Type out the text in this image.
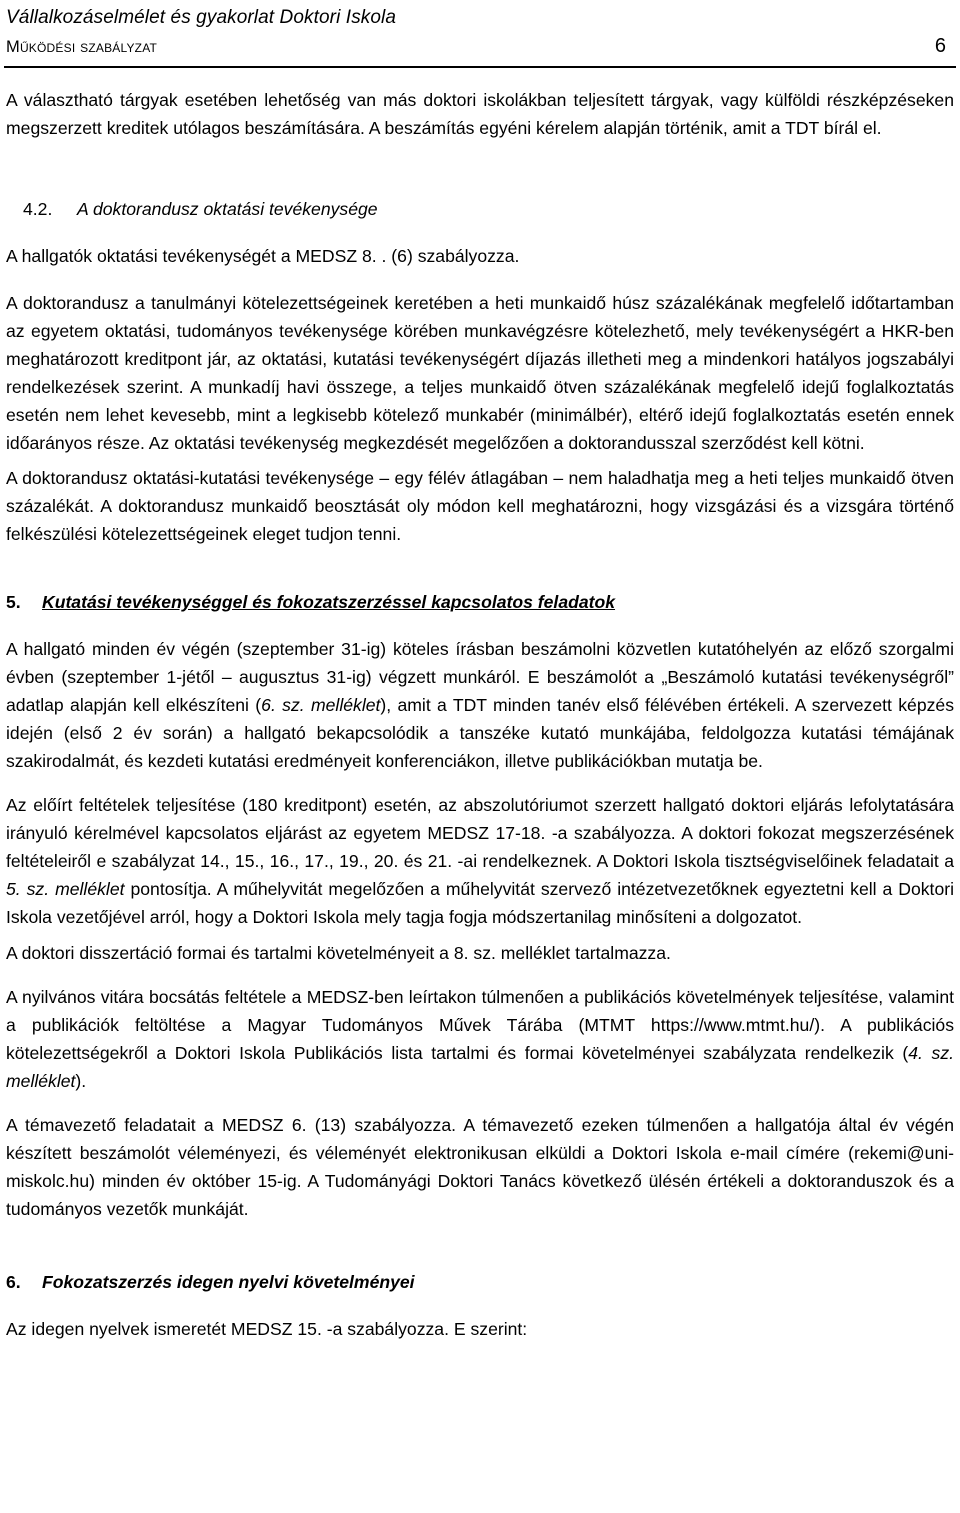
Vállalkozáselmélet és gyakorlat Doktori Iskola
Működési szabályzat	6

A választható tárgyak esetében lehetőség van más doktori iskolákban teljesített tárgyak, vagy külföldi részképzéseken megszerzett kreditek utólagos beszámítására. A beszámítás egyéni kérelem alapján történik, amit a TDT bírál el.

4.2. A doktorandusz oktatási tevékenysége

A hallgatók oktatási tevékenységét a MEDSZ 8. . (6) szabályozza.

A doktorandusz a tanulmányi kötelezettségeinek keretében a heti munkaidő húsz százalékának megfelelő időtartamban az egyetem oktatási, tudományos tevékenysége körében munkavégzésre kötelezhető, mely tevékenységért a HKR-ben meghatározott kreditpont jár, az oktatási, kutatási tevékenységért díjazás illetheti meg a mindenkori hatályos jogszabályi rendelkezések szerint. A munkadíj havi összege, a teljes munkaidő ötven százalékának megfelelő idejű foglalkoztatás esetén nem lehet kevesebb, mint a legkisebb kötelező munkabér (minimálbér), eltérő idejű foglalkoztatás esetén ennek időarányos része. Az oktatási tevékenység megkezdését megelőzően a doktorandusszal szerződést kell kötni.

A doktorandusz oktatási-kutatási tevékenysége – egy félév átlagában – nem haladhatja meg a heti teljes munkaidő ötven százalékát. A doktorandusz munkaidő beosztását oly módon kell meghatározni, hogy vizsgázási és a vizsgára történő felkészülési kötelezettségeinek eleget tudjon tenni.

5. Kutatási tevékenységgel és fokozatszerzéssel kapcsolatos feladatok

A hallgató minden év végén (szeptember 31-ig) köteles írásban beszámolni közvetlen kutatóhelyén az előző szorgalmi évben (szeptember 1-jétől – augusztus 31-ig) végzett munkáról. E beszámolót a „Beszámoló kutatási tevékenységről” adatlap alapján kell elkészíteni (6. sz. melléklet), amit a TDT minden tanév első félévében értékeli. A szervezett képzés idején (első 2 év során) a hallgató bekapcsolódik a tanszéke kutató munkájába, feldolgozza kutatási témájának szakirodalmát, és kezdeti kutatási eredményeit konferenciákon, illetve publikációkban mutatja be.

Az előírt feltételek teljesítése (180 kreditpont) esetén, az abszolutóriumot szerzett hallgató doktori eljárás lefolytatására irányuló kérelmével kapcsolatos eljárást az egyetem MEDSZ 17-18. -a szabályozza. A doktori fokozat megszerzésének feltételeiről e szabályzat 14., 15., 16., 17., 19., 20. és 21. -ai rendelkeznek. A Doktori Iskola tisztségviselőinek feladatait a 5. sz. melléklet pontosítja. A műhelyvitát megelőzően a műhelyvitát szervező intézetvezetőknek egyeztetni kell a Doktori Iskola vezetőjével arról, hogy a Doktori Iskola mely tagja fogja módszertanilag minősíteni a dolgozatot.

A doktori disszertáció formai és tartalmi követelményeit a 8. sz. melléklet tartalmazza.

A nyilvános vitára bocsátás feltétele a MEDSZ-ben leírtakon túlmenően a publikációs követelmények teljesítése, valamint a publikációk feltöltése a Magyar Tudományos Művek Tárába (MTMT https://www.mtmt.hu/). A publikációs kötelezettségekről a Doktori Iskola Publikációs lista tartalmi és formai követelményei szabályzata rendelkezik (4. sz. melléklet).

A témavezető feladatait a MEDSZ 6. (13) szabályozza. A témavezető ezeken túlmenően a hallgatója által év végén készített beszámolót véleményezi, és véleményét elektronikusan elküldi a Doktori Iskola e-mail címére (rekemi@uni-miskolc.hu) minden év október 15-ig. A Tudományági Doktori Tanács következő ülésén értékeli a doktoranduszok és a tudományos vezetők munkáját.

6. Fokozatszerzés idegen nyelvi követelményei

Az idegen nyelvek ismeretét MEDSZ 15. -a szabályozza. E szerint:
